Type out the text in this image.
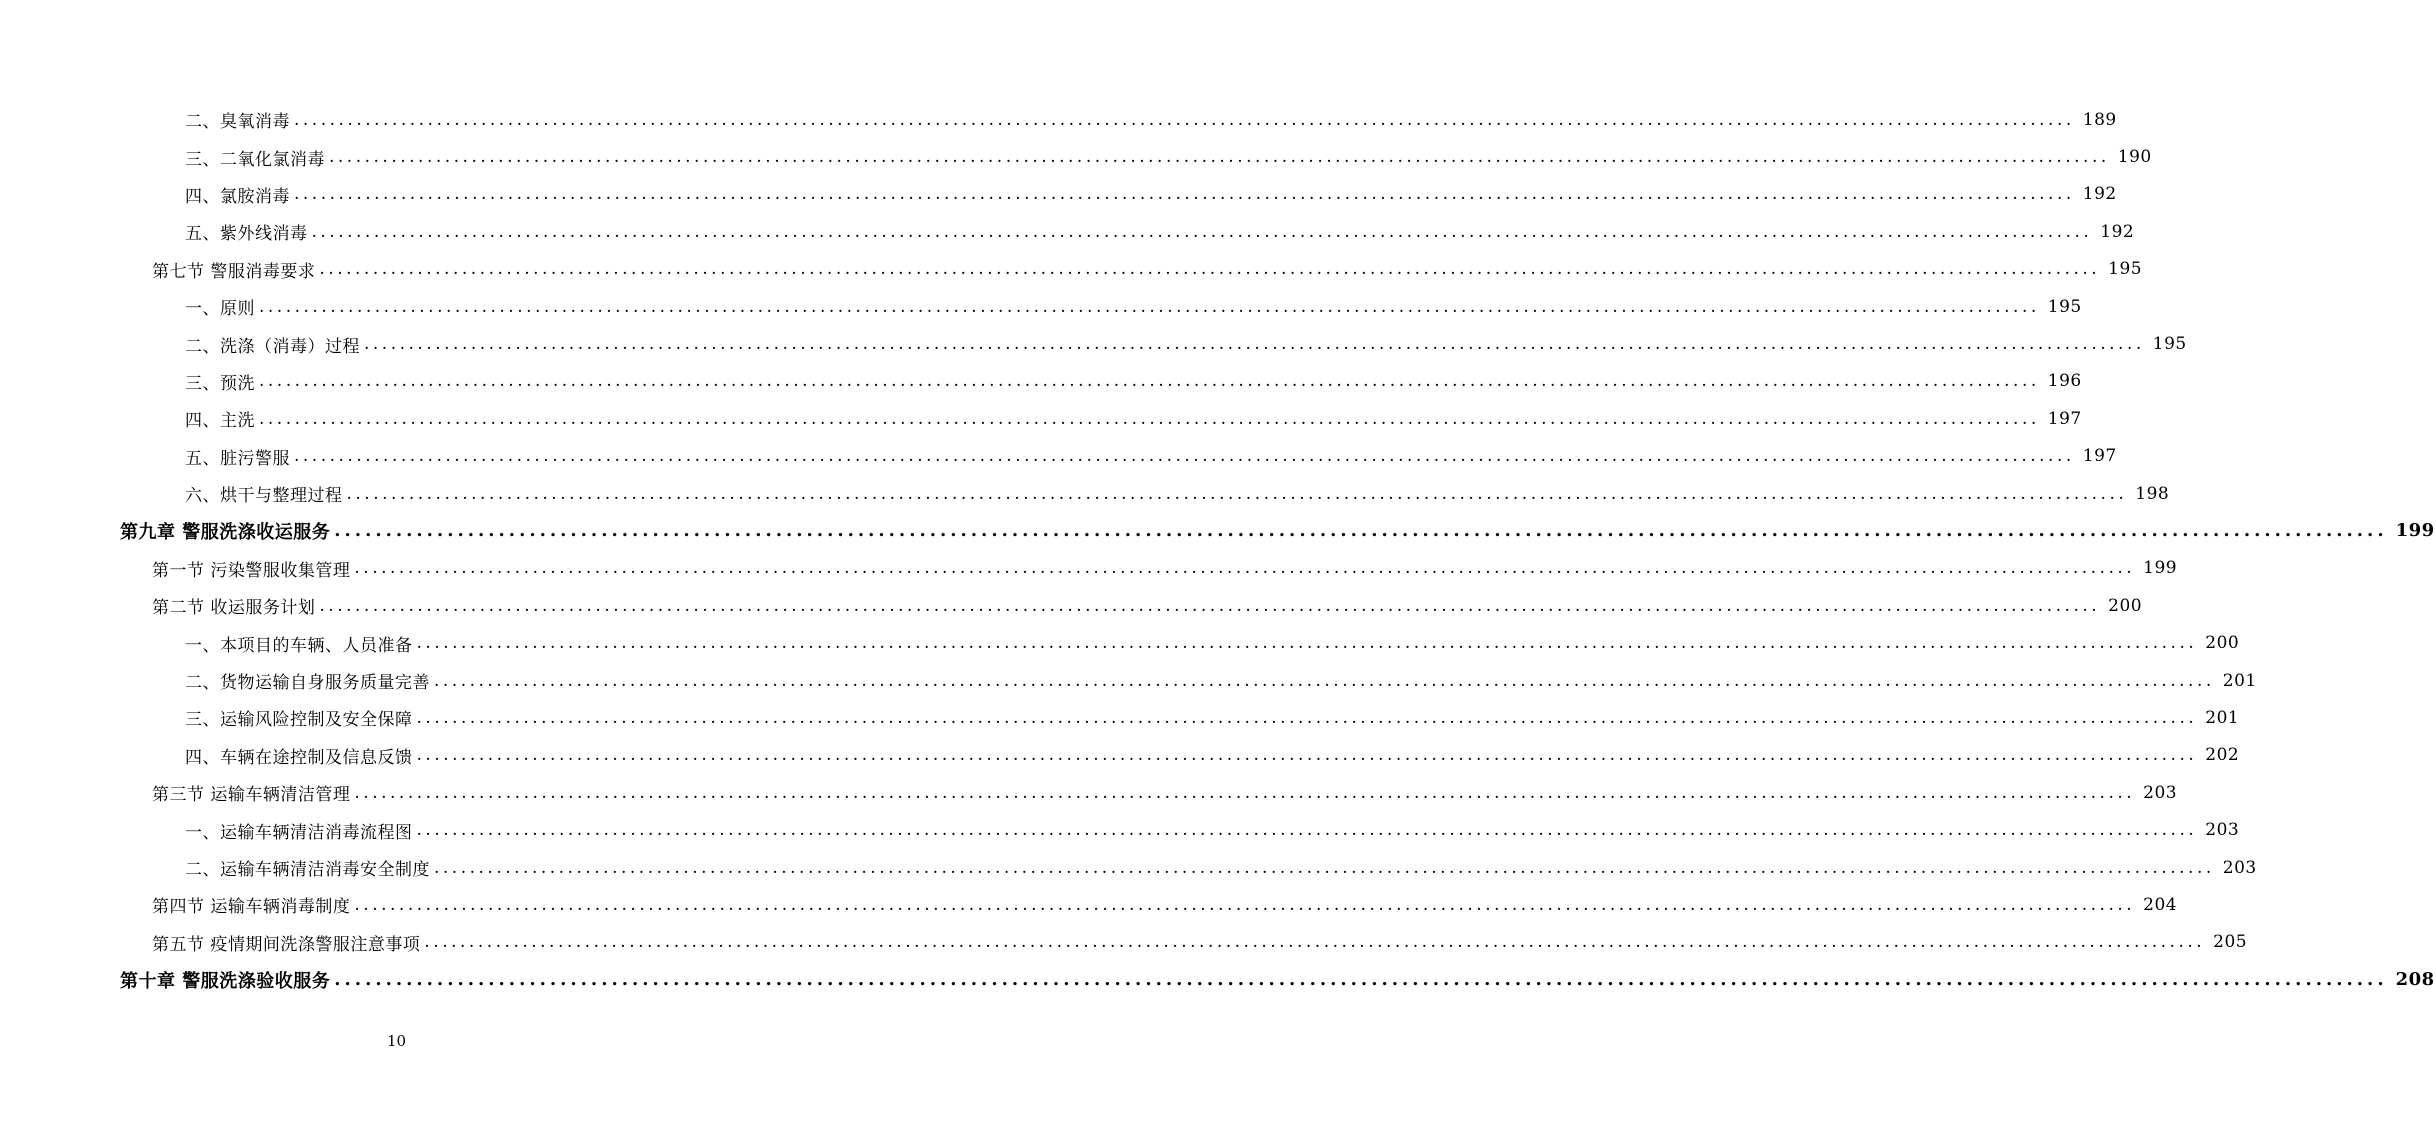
二、臭氧消毒 ........................................................................................................................................................................................................ 189
三、二氧化氯消毒 ........................................................................................................................................................................................................ 190
四、氯胺消毒 ........................................................................................................................................................................................................ 192
五、紫外线消毒 ........................................................................................................................................................................................................ 192
第七节 警服消毒要求 ........................................................................................................................................................................................................ 195
一、原则 ........................................................................................................................................................................................................ 195
二、洗涤（消毒）过程 ........................................................................................................................................................................................................ 195
三、预洗 ........................................................................................................................................................................................................ 196
四、主洗 ........................................................................................................................................................................................................ 197
五、脏污警服 ........................................................................................................................................................................................................ 197
六、烘干与整理过程 ........................................................................................................................................................................................................ 198
第九章 警服洗涤收运服务 ........................................................................................................................................................................................................ 199
第一节 污染警服收集管理 ........................................................................................................................................................................................................ 199
第二节 收运服务计划 ........................................................................................................................................................................................................ 200
一、本项目的车辆、人员准备 ........................................................................................................................................................................................................ 200
二、货物运输自身服务质量完善 ........................................................................................................................................................................................................ 201
三、运输风险控制及安全保障 ........................................................................................................................................................................................................ 201
四、车辆在途控制及信息反馈 ........................................................................................................................................................................................................ 202
第三节 运输车辆清洁管理 ........................................................................................................................................................................................................ 203
一、运输车辆清洁消毒流程图 ........................................................................................................................................................................................................ 203
二、运输车辆清洁消毒安全制度 ........................................................................................................................................................................................................ 203
第四节 运输车辆消毒制度 ........................................................................................................................................................................................................ 204
第五节 疫情期间洗涤警服注意事项 ........................................................................................................................................................................................................ 205
第十章 警服洗涤验收服务 ........................................................................................................................................................................................................ 208
10
